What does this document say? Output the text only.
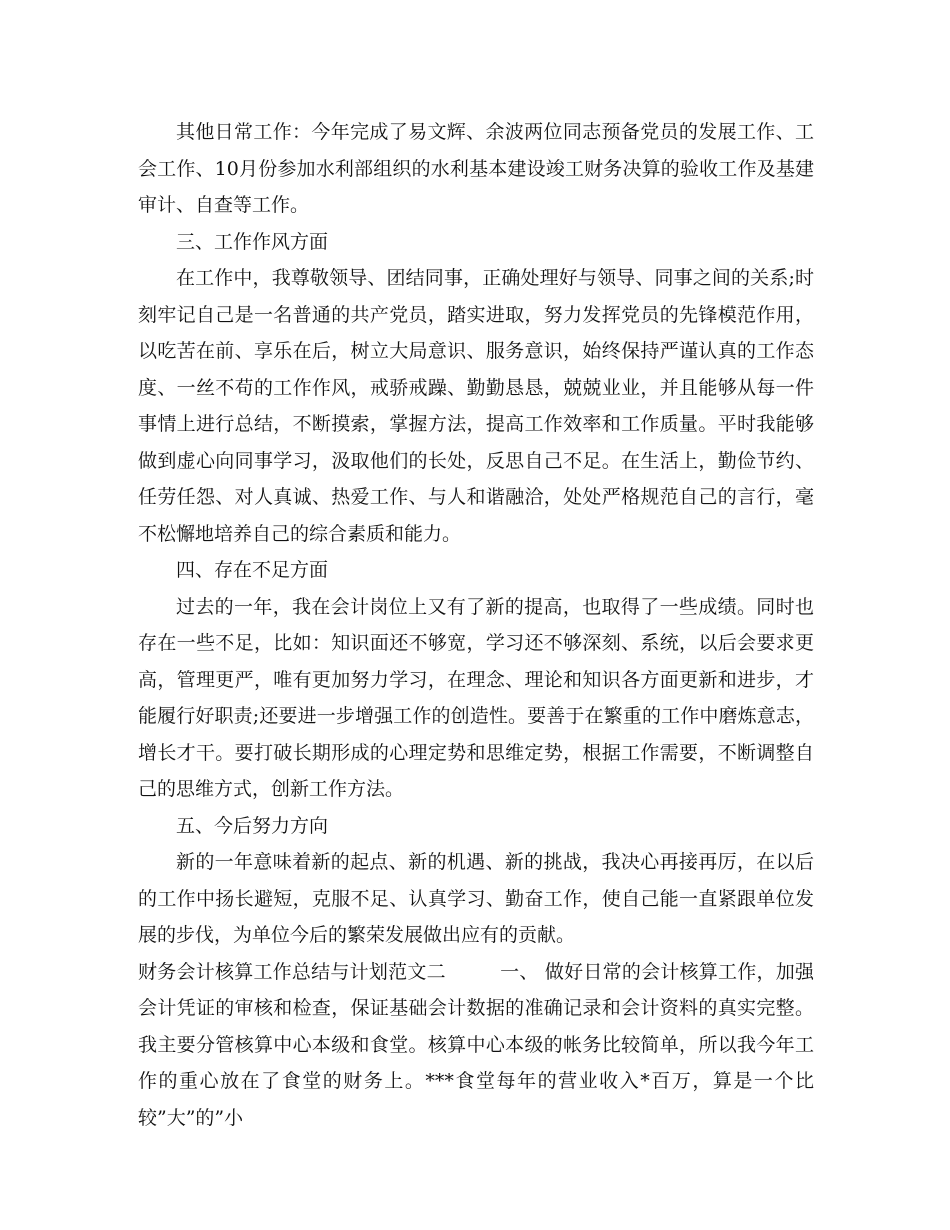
其他日常工作：今年完成了易文辉、余波两位同志预备党员的发展工作、工会工作、10月份参加水利部组织的水利基本建设竣工财务决算的验收工作及基建审计、自查等工作。

三、工作作风方面

在工作中，我尊敬领导、团结同事，正确处理好与领导、同事之间的关系;时刻牢记自己是一名普通的共产党员，踏实进取，努力发挥党员的先锋模范作用，以吃苦在前、享乐在后，树立大局意识、服务意识，始终保持严谨认真的工作态度、一丝不苟的工作作风，戒骄戒躁、勤勤恳恳，兢兢业业，并且能够从每一件事情上进行总结，不断摸索，掌握方法，提高工作效率和工作质量。平时我能够做到虚心向同事学习，汲取他们的长处，反思自己不足。在生活上，勤俭节约、任劳任怨、对人真诚、热爱工作、与人和谐融洽，处处严格规范自己的言行，毫不松懈地培养自己的综合素质和能力。

四、存在不足方面

过去的一年，我在会计岗位上又有了新的提高，也取得了一些成绩。同时也存在一些不足，比如：知识面还不够宽，学习还不够深刻、系统，以后会要求更高，管理更严，唯有更加努力学习，在理念、理论和知识各方面更新和进步，才能履行好职责;还要进一步增强工作的创造性。要善于在繁重的工作中磨炼意志，增长才干。要打破长期形成的心理定势和思维定势，根据工作需要，不断调整自己的思维方式，创新工作方法。

五、今后努力方向

新的一年意味着新的起点、新的机遇、新的挑战，我决心再接再厉，在以后的工作中扬长避短，克服不足、认真学习、勤奋工作，使自己能一直紧跟单位发展的步伐，为单位今后的繁荣发展做出应有的贡献。

财务会计核算工作总结与计划范文二	一、 做好日常的会计核算工作，加强会计凭证的审核和检查，保证基础会计数据的准确记录和会计资料的真实完整。我主要分管核算中心本级和食堂。核算中心本级的帐务比较简单，所以我今年工作的重心放在了食堂的财务上。***食堂每年的营业收入*百万，算是一个比较”大”的”小
